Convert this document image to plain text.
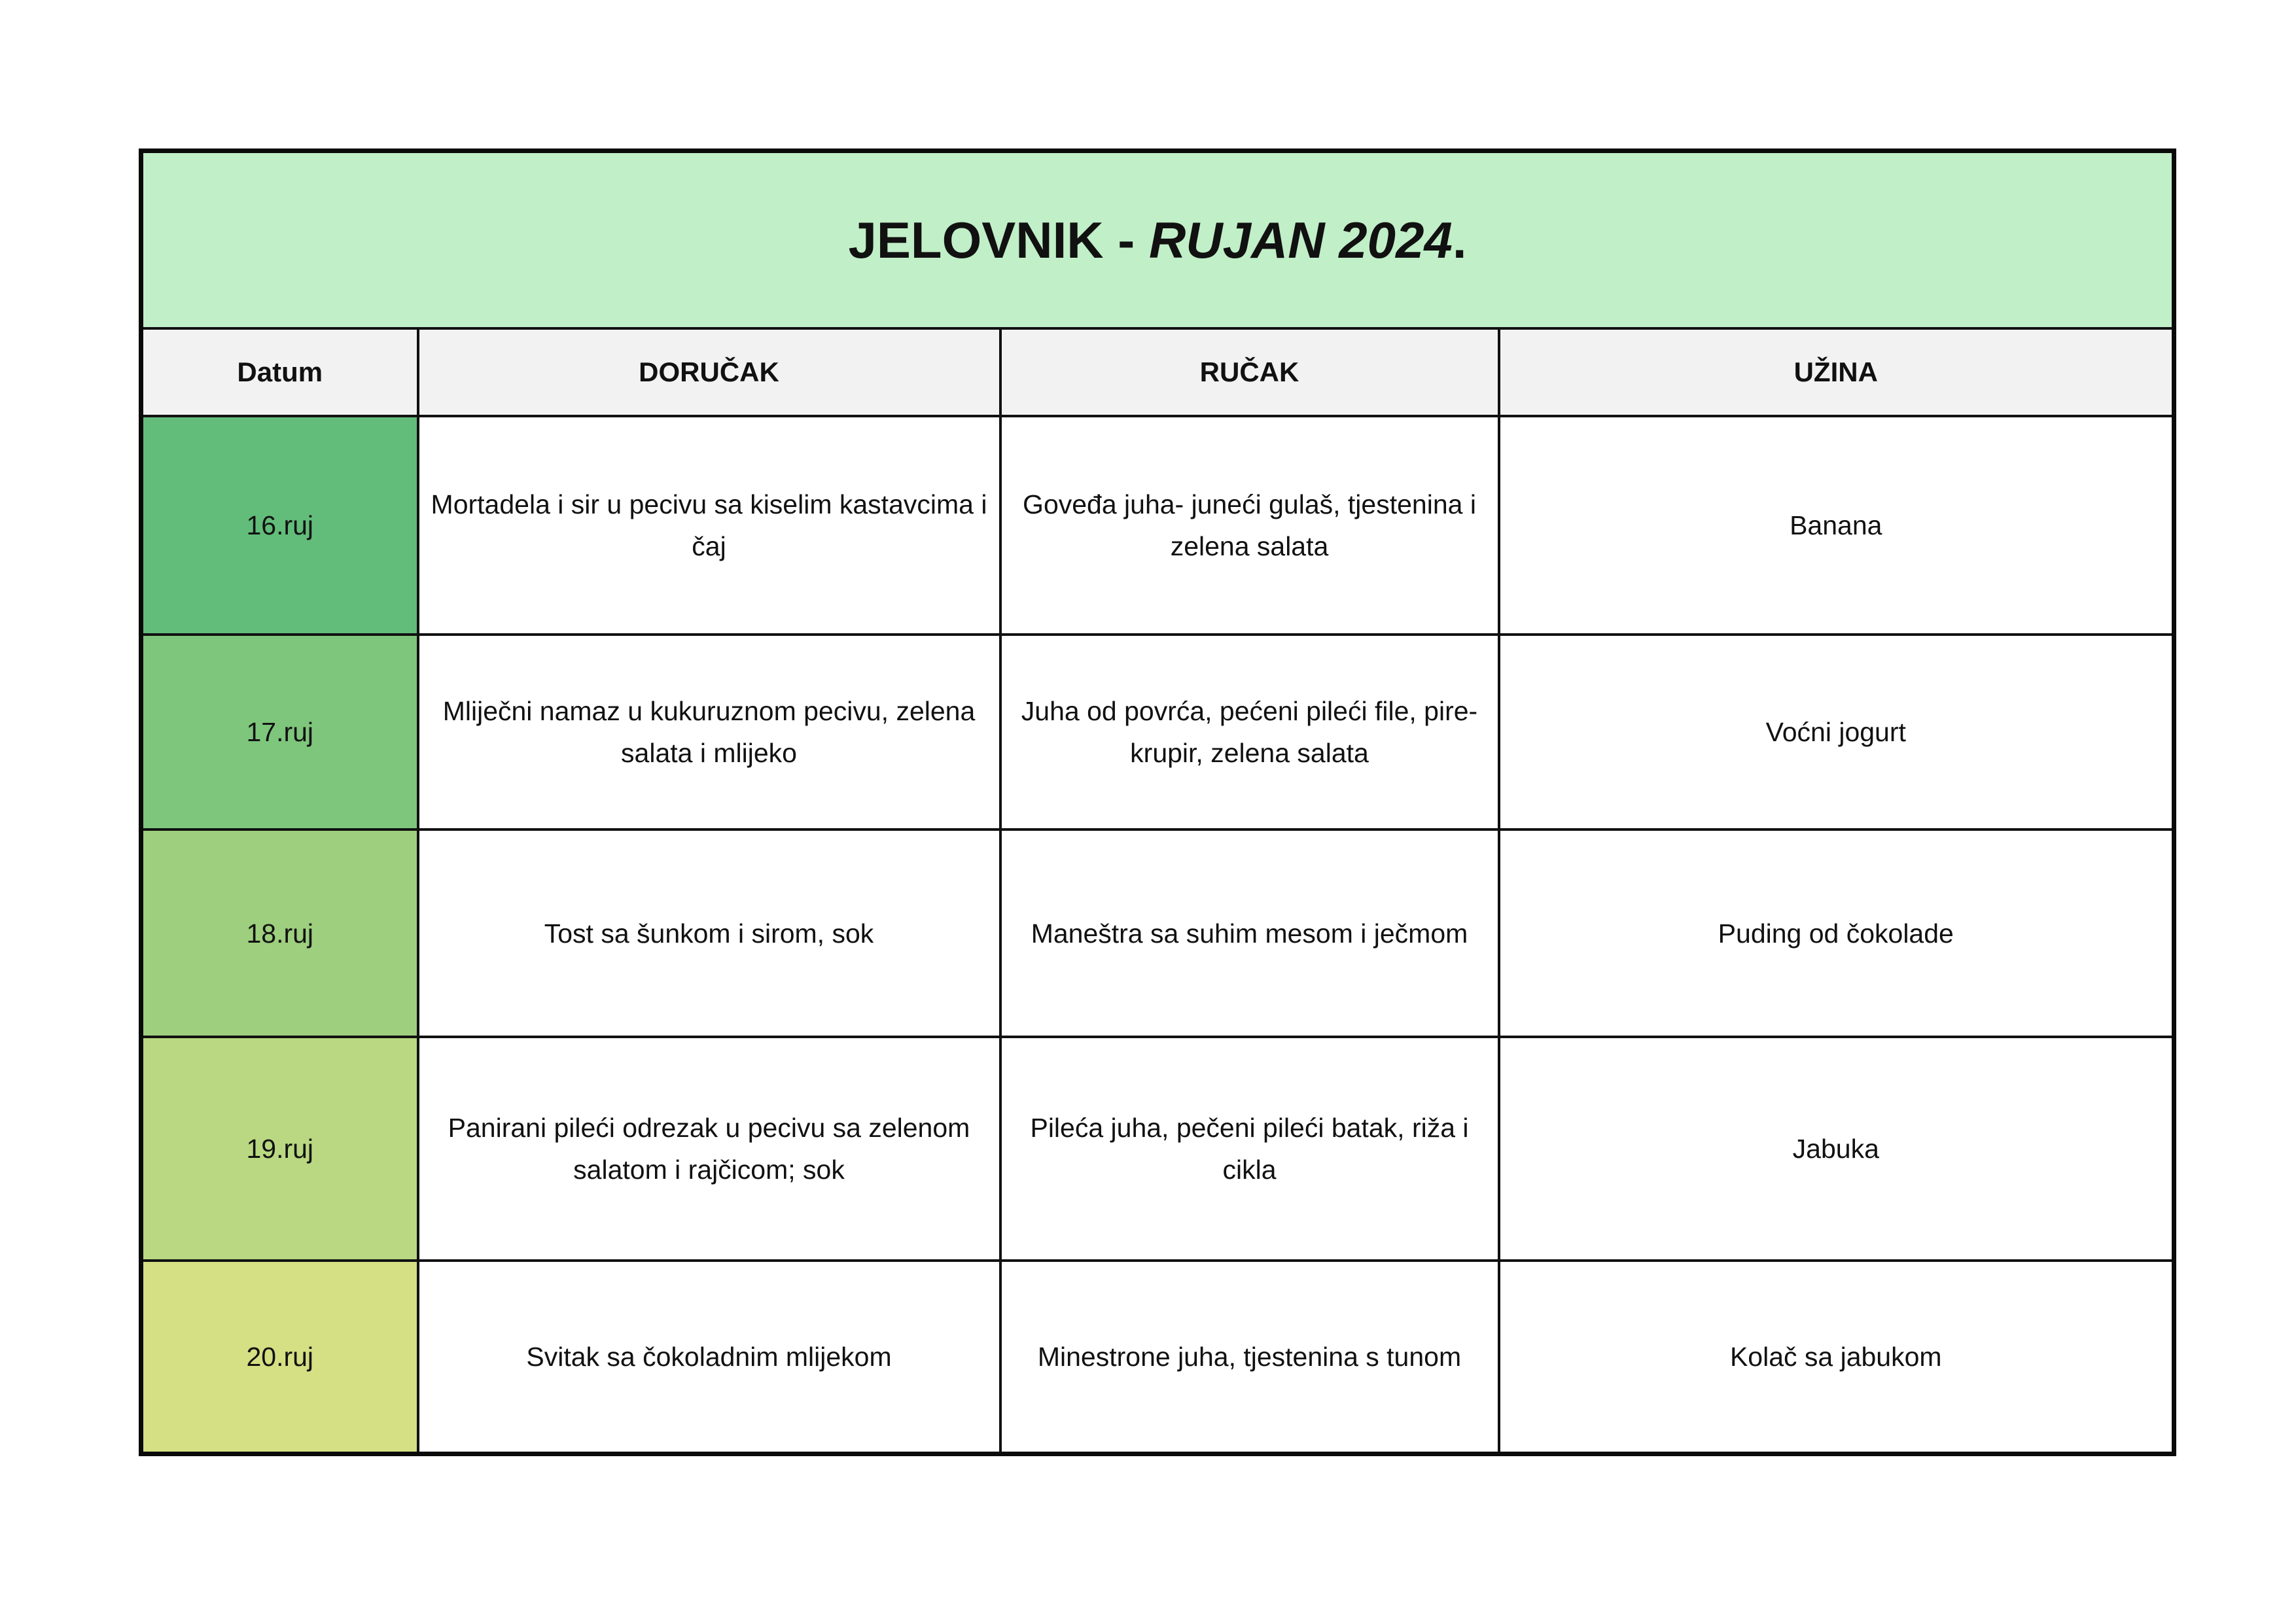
JELOVNIK - RUJAN 2024.			
Datum	DORUČAK	RUČAK	UŽINA
16.ruj	Mortadela i sir u pecivu sa kiselim kastavcima i čaj	Goveđa juha- juneći gulaš, tjestenina i zelena salata	Banana
17.ruj	Mliječni namaz u kukuruznom pecivu, zelena salata i mlijeko	Juha od povrća, pećeni pileći file, pire-krupir, zelena salata	Voćni jogurt
18.ruj	Tost sa šunkom i sirom, sok	Maneštra sa suhim mesom i ječmom	Puding od čokolade
19.ruj	Panirani pileći odrezak u pecivu sa zelenom salatom i rajčicom; sok	Pileća juha, pečeni pileći batak, riža i cikla	Jabuka
20.ruj	Svitak sa čokoladnim mlijekom	Minestrone juha, tjestenina s tunom	Kolač sa jabukom
